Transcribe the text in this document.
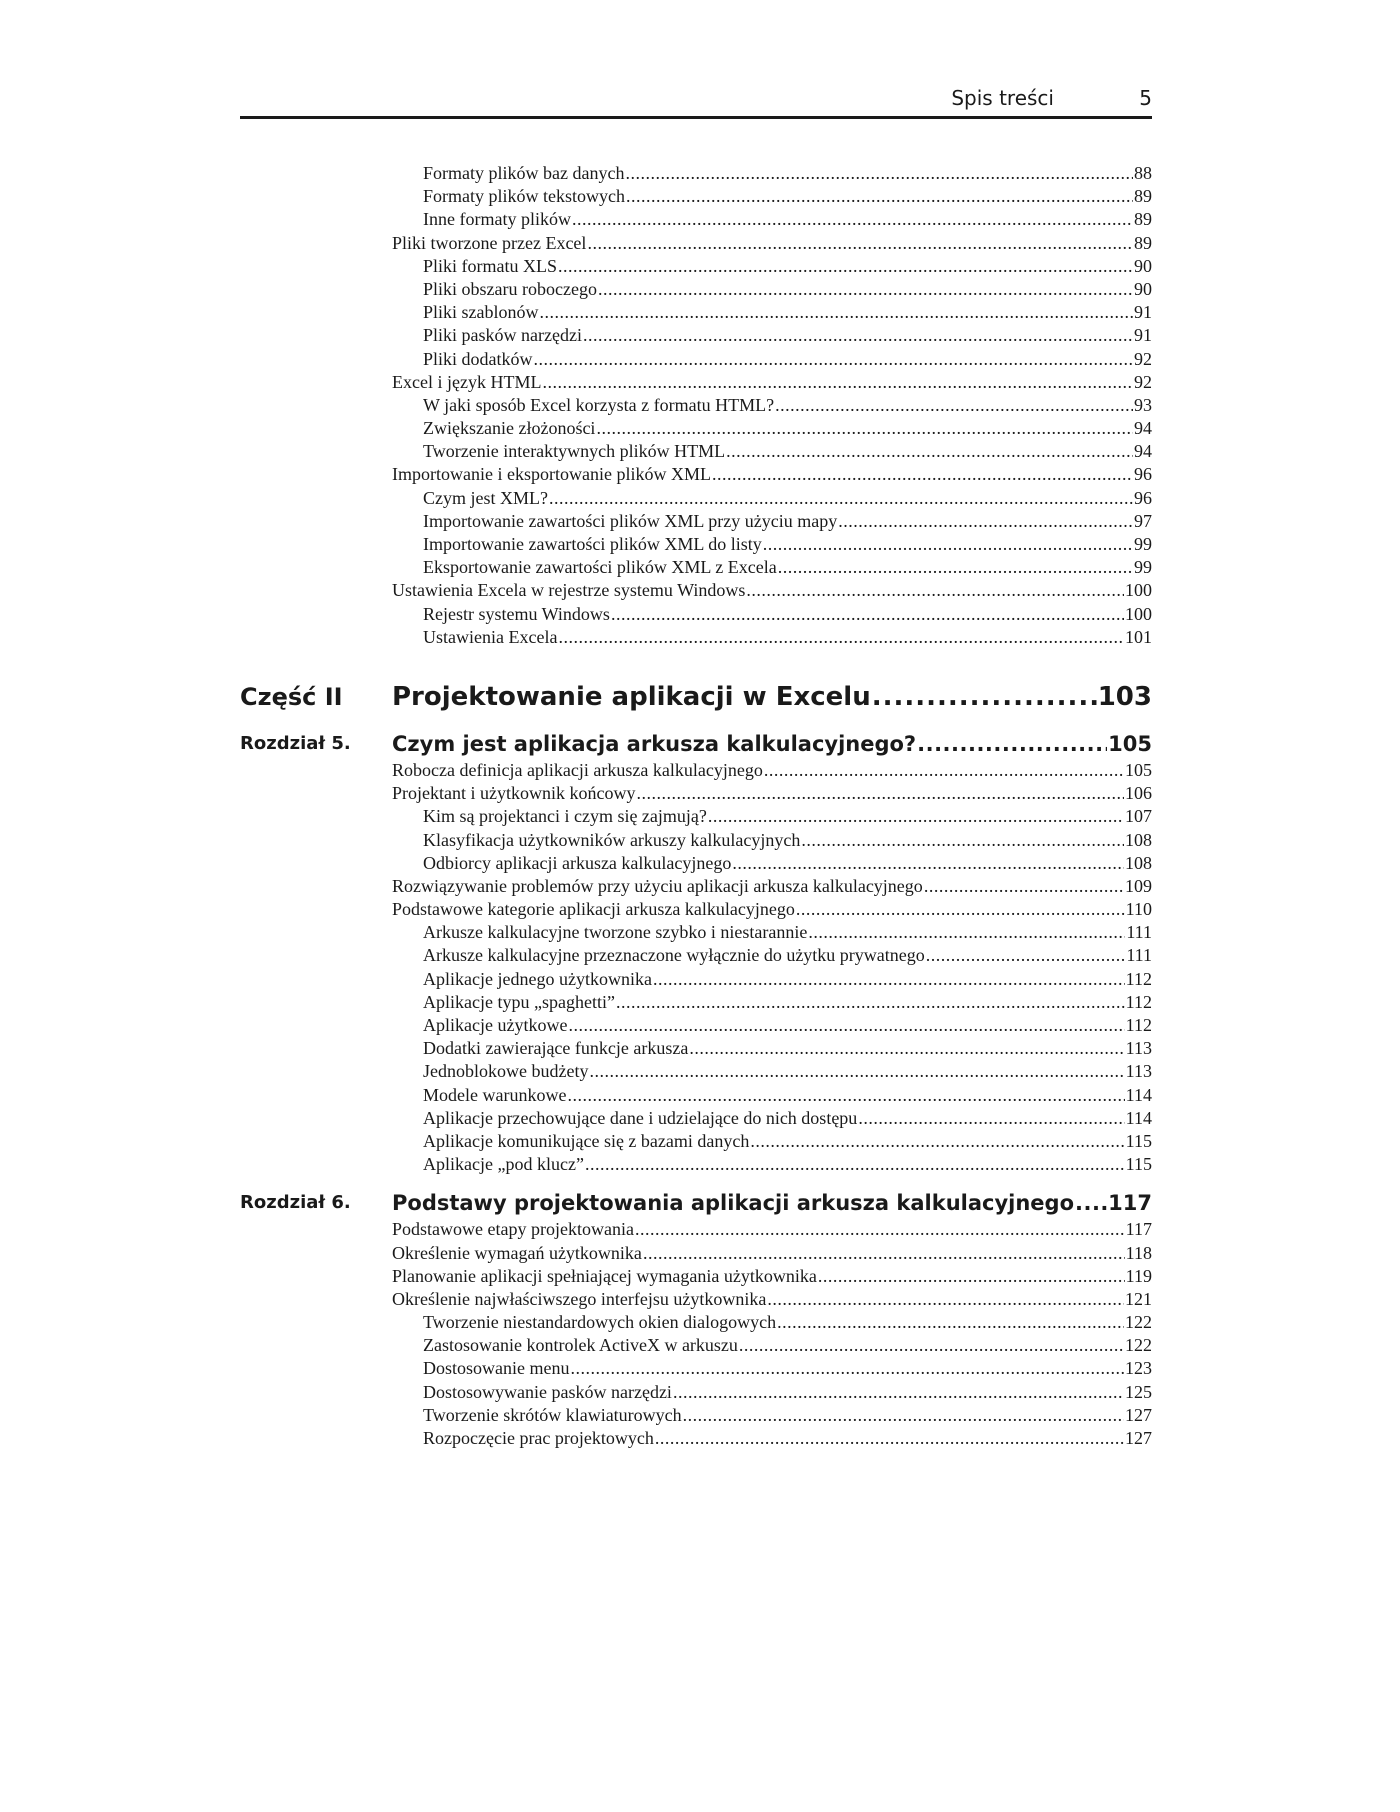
Spis treści	5
Formaty plików baz danych .....	88
Formaty plików tekstowych .....	89
Inne formaty plików .....	89
Pliki tworzone przez Excel .....	89
Pliki formatu XLS .....	90
Pliki obszaru roboczego .....	90
Pliki szablonów .....	91
Pliki pasków narzędzi .....	91
Pliki dodatków .....	92
Excel i język HTML .....	92
W jaki sposób Excel korzysta z formatu HTML? .....	93
Zwiększanie złożoności .....	94
Tworzenie interaktywnych plików HTML .....	94
Importowanie i eksportowanie plików XML .....	96
Czym jest XML? .....	96
Importowanie zawartości plików XML przy użyciu mapy .....	97
Importowanie zawartości plików XML do listy .....	99
Eksportowanie zawartości plików XML z Excela .....	99
Ustawienia Excela w rejestrze systemu Windows .....	100
Rejestr systemu Windows .....	100
Ustawienia Excela .....	101
Część II Projektowanie aplikacji w Excelu .....	103
Rozdział 5. Czym jest aplikacja arkusza kalkulacyjnego? .....	105
Robocza definicja aplikacji arkusza kalkulacyjnego .....	105
Projektant i użytkownik końcowy .....	106
Kim są projektanci i czym się zajmują? .....	107
Klasyfikacja użytkowników arkuszy kalkulacyjnych .....	108
Odbiorcy aplikacji arkusza kalkulacyjnego .....	108
Rozwiązywanie problemów przy użyciu aplikacji arkusza kalkulacyjnego .....	109
Podstawowe kategorie aplikacji arkusza kalkulacyjnego .....	110
Arkusze kalkulacyjne tworzone szybko i niestarannie .....	111
Arkusze kalkulacyjne przeznaczone wyłącznie do użytku prywatnego .....	111
Aplikacje jednego użytkownika .....	112
Aplikacje typu „spaghetti” .....	112
Aplikacje użytkowe .....	112
Dodatki zawierające funkcje arkusza .....	113
Jednoblokowe budżety .....	113
Modele warunkowe .....	114
Aplikacje przechowujące dane i udzielające do nich dostępu .....	114
Aplikacje komunikujące się z bazami danych .....	115
Aplikacje „pod klucz” .....	115
Rozdział 6. Podstawy projektowania aplikacji arkusza kalkulacyjnego ..... 117
Podstawowe etapy projektowania .....	117
Określenie wymagań użytkownika .....	118
Planowanie aplikacji spełniającej wymagania użytkownika .....	119
Określenie najwłaściwszego interfejsu użytkownika .....	121
Tworzenie niestandardowych okien dialogowych .....	122
Zastosowanie kontrolek ActiveX w arkuszu .....	122
Dostosowanie menu .....	123
Dostosowywanie pasków narzędzi .....	125
Tworzenie skrótów klawiaturowych .....	127
Rozpoczęcie prac projektowych .....	127
